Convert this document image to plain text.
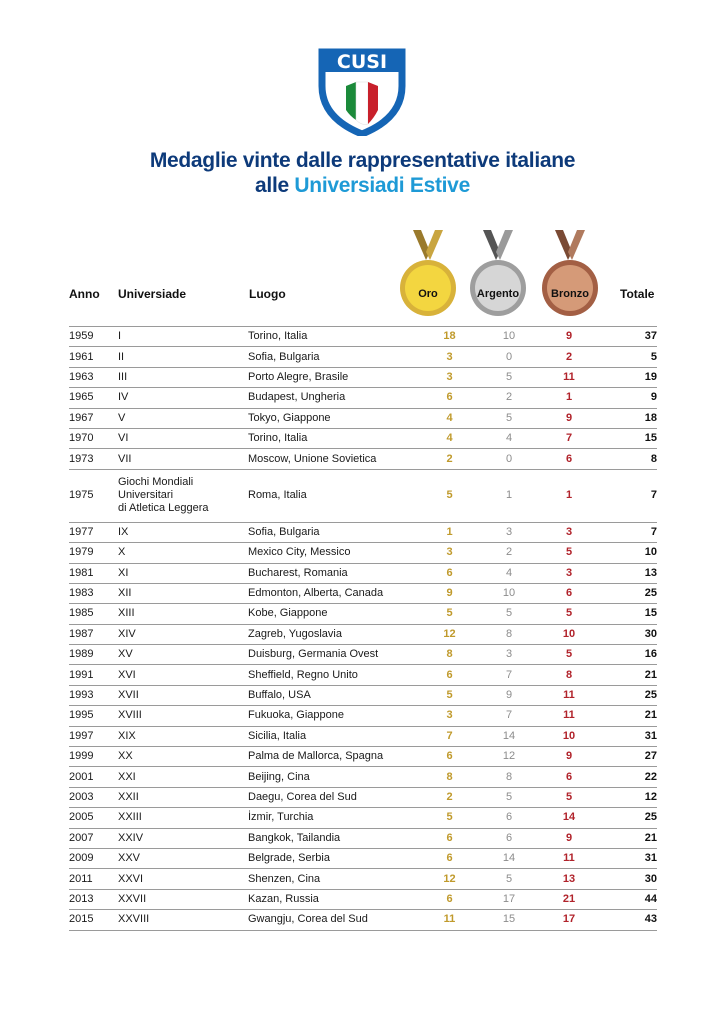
CUSI
Medaglie vinte dalle rappresentative italiane
alle Universiadi Estive
Anno Universiade	Luogo	Oro	Argento	Bronzo	Totale
1959	I	Torino, Italia	18	10	9	37
1961	II	Sofia, Bulgaria	3	0	2	5
1963	III	Porto Alegre, Brasile	3	5	11	19
1965	IV	Budapest, Ungheria	6	2	1	9
1967	V	Tokyo, Giappone	4	5	9	18
1970	VI	Torino, Italia	4	4	7	15
1973	VII	Moscow, Unione Sovietica	2	0	6	8
1975	Giochi Mondiali
Universitari
di Atletica Leggera	Roma, Italia	5	1	1	7
1977	IX	Sofia, Bulgaria	1	3	3	7
1979	X	Mexico City, Messico	3	2	5	10
1981	XI	Bucharest, Romania	6	4	3	13
1983	XII	Edmonton, Alberta, Canada	9	10	6	25
1985	XIII	Kobe, Giappone	5	5	5	15
1987	XIV	Zagreb, Yugoslavia	12	8	10	30
1989	XV	Duisburg, Germania Ovest	8	3	5	16
1991	XVI	Sheffield, Regno Unito	6	7	8	21
1993	XVII	Buffalo, USA	5	9	11	25
1995	XVIII	Fukuoka, Giappone	3	7	11	21
1997	XIX	Sicilia, Italia	7	14	10	31
1999	XX	Palma de Mallorca, Spagna	6	12	9	27
2001	XXI	Beijing, Cina	8	8	6	22
2003	XXII	Daegu, Corea del Sud	2	5	5	12
2005	XXIII	İzmir, Turchia	5	6	14	25
2007	XXIV	Bangkok, Tailandia	6	6	9	21
2009	XXV	Belgrade, Serbia	6	14	11	31
2011	XXVI	Shenzen, Cina	12	5	13	30
2013	XXVII	Kazan, Russia	6	17	21	44
2015	XXVIII	Gwangju, Corea del Sud	11	15	17	43
